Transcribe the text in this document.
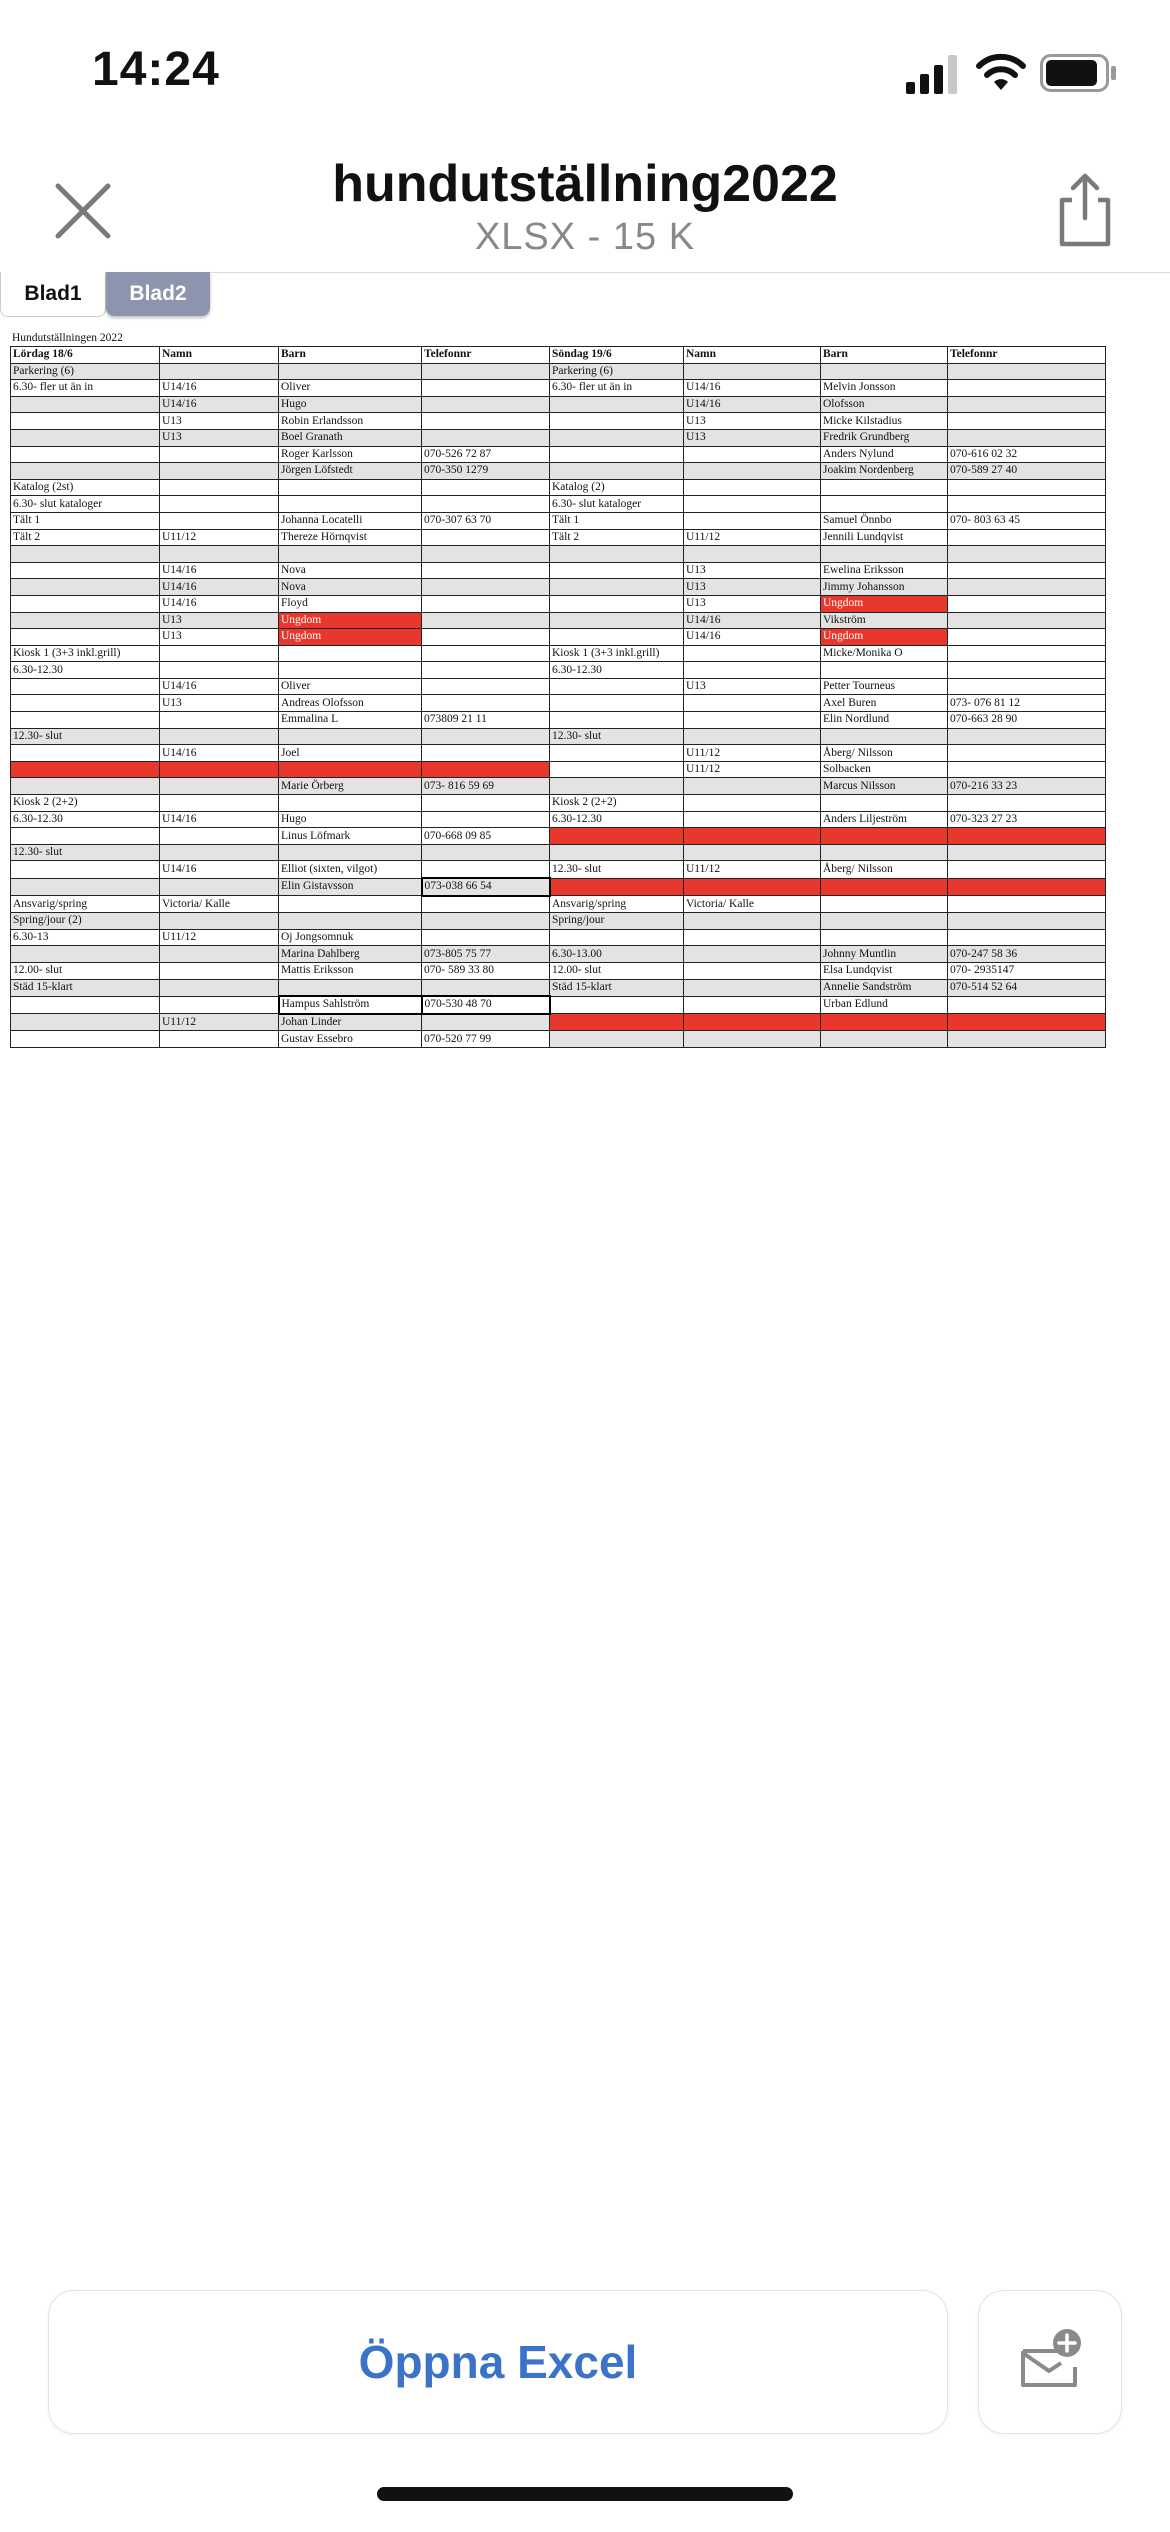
14:24
hundutställning2022
XLSX - 15 K
Blad1	Blad2
Hundutställningen 2022
Lördag 18/6	Namn	Barn	Telefonnr	Söndag 19/6	Namn	Barn	Telefonnr
Parkering (6)				Parkering (6)			
6.30- fler ut än in	U14/16	Oliver		6.30- fler ut än in	U14/16	Melvin Jonsson	
	U14/16	Hugo			U14/16	Olofsson	
	U13	Robin Erlandsson			U13	Micke Kilstadius	
	U13	Boel Granath			U13	Fredrik Grundberg	
		Roger Karlsson	070-526 72 87			Anders Nylund	070-616 02 32
		Jörgen Löfstedt	070-350 1279			Joakim Nordenberg	070-589 27 40
Katalog (2st)				Katalog (2)			
6.30- slut kataloger				6.30- slut kataloger			
Tält 1		Johanna Locatelli	070-307 63 70	Tält 1		Samuel Önnbo	070- 803 63 45
Tält 2	U11/12	Thereze Hörnqvist		Tält 2	U11/12	Jennili Lundqvist	

	U14/16	Nova			U13	Ewelina Eriksson	
	U14/16	Nova			U13	Jimmy Johansson	
	U14/16	Floyd			U13	Ungdom	
	U13	Ungdom			U14/16	Vikström	
	U13	Ungdom			U14/16	Ungdom	
Kiosk 1 (3+3 inkl.grill)				Kiosk 1 (3+3 inkl.grill)		Micke/Monika O	
6.30-12.30				6.30-12.30			
	U14/16	Oliver			U13	Petter Tourneus	
	U13	Andreas Olofsson				Axel Buren	073- 076 81 12
		Emmalina L	073809 21 11			Elin Nordlund	070-663 28 90
12.30- slut				12.30- slut			
	U14/16	Joel			U11/12	Åberg/ Nilsson	
					U11/12	Solbacken	
		Marie Örberg	073- 816 59 69			Marcus Nilsson	070-216 33 23
Kiosk 2 (2+2)				Kiosk 2 (2+2)			
6.30-12.30	U14/16	Hugo		6.30-12.30		Anders Liljeström	070-323 27 23
		Linus Löfmark	070-668 09 85				
12.30- slut							
	U14/16	Elliot (sixten, vilgot)		12.30- slut	U11/12	Åberg/ Nilsson	
		Elin Gistavsson	073-038 66 54				
Ansvarig/spring	Victoria/ Kalle			Ansvarig/spring	Victoria/ Kalle		
Spring/jour (2)				Spring/jour			
6.30-13	U11/12	Oj Jongsomnuk					
		Marina Dahlberg	073-805 75 77	6.30-13.00		Johnny Muntlin	070-247 58 36
12.00- slut		Mattis Eriksson	070- 589 33 80	12.00- slut		Elsa Lundqvist	070- 2935147
Städ 15-klart				Städ 15-klart		Annelie Sandström	070-514 52 64
		Hampus Sahlström	070-530 48 70			Urban Edlund	
	U11/12	Johan Linder					
		Gustav Essebro	070-520 77 99				
Öppna Excel
